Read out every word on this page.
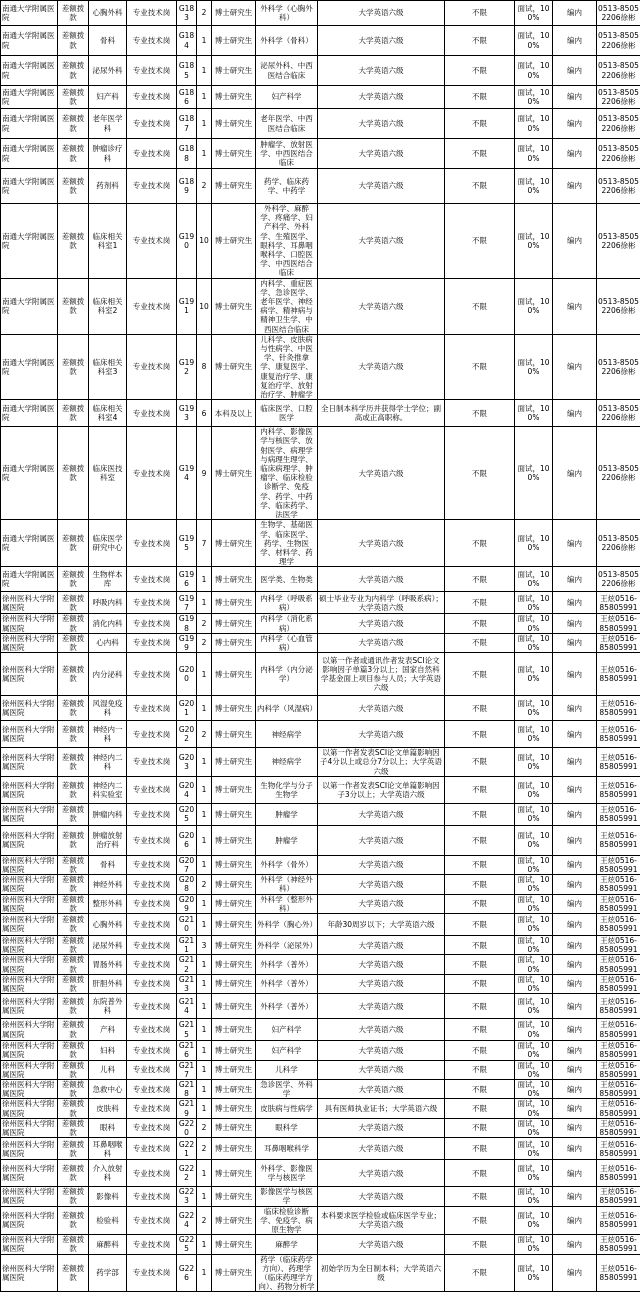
南通大学附属医院	差额拨款	心胸外科	专业技术岗	G183	2	博士研究生	外科学（心胸外科）	大学英语六级	不限	面试，100%	编内	0513-85052206徐彬
南通大学附属医院	差额拨款	骨科	专业技术岗	G184	1	博士研究生	外科学（骨科）	大学英语六级	不限	面试，100%	编内	0513-85052206徐彬
南通大学附属医院	差额拨款	泌尿外科	专业技术岗	G185	1	博士研究生	泌尿外科、中西医结合临床	大学英语六级	不限	面试，100%	编内	0513-85052206徐彬
南通大学附属医院	差额拨款	妇产科	专业技术岗	G186	1	博士研究生	妇产科学	大学英语六级	不限	面试，100%	编内	0513-85052206徐彬
南通大学附属医院	差额拨款	老年医学科	专业技术岗	G187	1	博士研究生	老年医学、中西医结合临床	大学英语六级	不限	面试，100%	编内	0513-85052206徐彬
南通大学附属医院	差额拨款	肿瘤诊疗科	专业技术岗	G188	1	博士研究生	肿瘤学、放射医学、中西医结合临床	大学英语六级	不限	面试，100%	编内	0513-85052206徐彬
南通大学附属医院	差额拨款	药剂科	专业技术岗	G189	2	博士研究生	药学、临床药学、中药学	大学英语六级	不限	面试，100%	编内	0513-85052206徐彬
南通大学附属医院	差额拨款	临床相关科室1	专业技术岗	G190	10	博士研究生	外科学、麻醉学、疼痛学、妇产科学、外科学、生殖医学、眼科学、耳鼻咽喉科学、口腔医学、中西医结合临床	大学英语六级	不限	面试，100%	编内	0513-85052206徐彬
南通大学附属医院	差额拨款	临床相关科室2	专业技术岗	G191	10	博士研究生	内科学、重症医学、急诊医学、老年医学、神经病学、精神病与精神卫生学、中西医结合临床	大学英语六级	不限	面试，100%	编内	0513-85052206徐彬
南通大学附属医院	差额拨款	临床相关科室3	专业技术岗	G192	8	博士研究生	儿科学、皮肤病与性病学、中医学、针灸推拿学、康复医学、康复治疗学、康复治疗学、放射治疗学、肿瘤学	大学英语六级	不限	面试，100%	编内	0513-85052206徐彬
南通大学附属医院	差额拨款	临床相关科室4	专业技术岗	G193	6	本科及以上	临床医学、口腔医学	全日制本科学历并获得学士学位；副高或正高职称。	不限	面试，100%	编内	0513-85052206徐彬
南通大学附属医院	差额拨款	临床医技科室	专业技术岗	G194	9	博士研究生	内科学、影像医学与核医学、放射医学、病理学与病理生理学、临床病理学、肿瘤学、临床检验诊断学、免疫学、药学、中药学、临床药学、法医学	大学英语六级	不限	面试，100%	编内	0513-85052206徐彬
南通大学附属医院	差额拨款	临床医学研究中心	专业技术岗	G195	7	博士研究生	生物学、基础医学、临床医学、药学、生物医学、材料学、药理学	大学英语六级	不限	面试，100%	编内	0513-85052206徐彬
南通大学附属医院	差额拨款	生物样本库	专业技术岗	G196	1	博士研究生	医学类、生物类	大学英语六级	不限	面试，100%	编内	0513-85052206徐彬
徐州医科大学附属医院	差额拨款	呼吸内科	专业技术岗	G197	1	博士研究生	内科学（呼吸系病）	硕士毕业专业为内科学（呼吸系病）；大学英语六级	不限	面试，100%	编内	王炫0516-85805991
徐州医科大学附属医院	差额拨款	消化内科	专业技术岗	G198	2	博士研究生	内科学（消化系病）	大学英语六级	不限	面试，100%	编内	王炫0516-85805991
徐州医科大学附属医院	差额拨款	心内科	专业技术岗	G199	2	博士研究生	内科学（心血管病）	大学英语六级	不限	面试，100%	编内	王炫0516-85805991
徐州医科大学附属医院	差额拨款	内分泌科	专业技术岗	G200	1	博士研究生	内科学（内分泌学）	以第一作者或通讯作者发表SCI论文影响因子单篇3分以上；国家自然科学基金面上项目参与人员；大学英语六级	不限	面试，100%	编内	王炫0516-85805991
徐州医科大学附属医院	差额拨款	风湿免疫科	专业技术岗	G201	1	博士研究生	内科学（风湿病）	大学英语六级	不限	面试，100%	编内	王炫0516-85805991
徐州医科大学附属医院	差额拨款	神经内一科	专业技术岗	G202	2	博士研究生	神经病学	大学英语六级	不限	面试，100%	编内	王炫0516-85805991
徐州医科大学附属医院	差额拨款	神经内二科	专业技术岗	G203	1	博士研究生	神经病学	以第一作者发表SCI论文单篇影响因子4分以上或总分7分以上；大学英语六级	不限	面试，100%	编内	王炫0516-85805991
徐州医科大学附属医院	差额拨款	神经内二科实验室	专业技术岗	G204	1	博士研究生	生物化学与分子生物学	以第一作者发表SCI论文单篇影响因子3分以上；大学英语六级	不限	面试，100%	编内	王炫0516-85805991
徐州医科大学附属医院	差额拨款	肿瘤内科	专业技术岗	G205	1	博士研究生	肿瘤学	大学英语六级	不限	面试，100%	编内	王炫0516-85805991
徐州医科大学附属医院	差额拨款	肿瘤放射治疗科	专业技术岗	G206	1	博士研究生	肿瘤学	大学英语六级	不限	面试，100%	编内	王炫0516-85805991
徐州医科大学附属医院	差额拨款	骨科	专业技术岗	G207	1	博士研究生	外科学（骨外）	大学英语六级	不限	面试，100%	编内	王炫0516-85805991
徐州医科大学附属医院	差额拨款	神经外科	专业技术岗	G208	2	博士研究生	外科学（神经外科）	大学英语六级	不限	面试，100%	编内	王炫0516-85805991
徐州医科大学附属医院	差额拨款	整形外科	专业技术岗	G209	1	博士研究生	外科学（整形外科）	大学英语六级	不限	面试，100%	编内	王炫0516-85805991
徐州医科大学附属医院	差额拨款	心胸外科	专业技术岗	G210	1	博士研究生	外科学（胸心外）	年龄30周岁以下；大学英语六级	不限	面试，100%	编内	王炫0516-85805991
徐州医科大学附属医院	差额拨款	泌尿外科	专业技术岗	G211	3	博士研究生	外科学（泌尿外）	大学英语六级	不限	面试，100%	编内	王炫0516-85805991
徐州医科大学附属医院	差额拨款	胃肠外科	专业技术岗	G212	1	博士研究生	外科学（普外）	大学英语六级	不限	面试，100%	编内	王炫0516-85805991
徐州医科大学附属医院	差额拨款	肝胆外科	专业技术岗	G213	1	博士研究生	外科学（普外）	大学英语六级	不限	面试，100%	编内	王炫0516-85805991
徐州医科大学附属医院	差额拨款	东院普外科	专业技术岗	G214	1	博士研究生	外科学（普外）	大学英语六级	不限	面试，100%	编内	王炫0516-85805991
徐州医科大学附属医院	差额拨款	产科	专业技术岗	G215	1	博士研究生	妇产科学	大学英语六级	不限	面试，100%	编内	王炫0516-85805991
徐州医科大学附属医院	差额拨款	妇科	专业技术岗	G216	1	博士研究生	妇产科学	大学英语六级	不限	面试，100%	编内	王炫0516-85805991
徐州医科大学附属医院	差额拨款	儿科	专业技术岗	G217	1	博士研究生	儿科学	大学英语六级	不限	面试，100%	编内	王炫0516-85805991
徐州医科大学附属医院	差额拨款	急救中心	专业技术岗	G218	1	博士研究生	急诊医学、外科学	大学英语六级	不限	面试，100%	编内	王炫0516-85805991
徐州医科大学附属医院	差额拨款	皮肤科	专业技术岗	G219	1	博士研究生	皮肤病与性病学	具有医师执业证书；大学英语六级	不限	面试，100%	编内	王炫0516-85805991
徐州医科大学附属医院	差额拨款	眼科	专业技术岗	G220	2	博士研究生	眼科学	大学英语六级	不限	面试，100%	编内	王炫0516-85805991
徐州医科大学附属医院	差额拨款	耳鼻咽喉科	专业技术岗	G221	2	博士研究生	耳鼻咽喉科学	大学英语六级	不限	面试，100%	编内	王炫0516-85805991
徐州医科大学附属医院	差额拨款	介入放射科	专业技术岗	G222	1	博士研究生	外科学、影像医学与核医学	大学英语六级	不限	面试，100%	编内	王炫0516-85805991
徐州医科大学附属医院	差额拨款	影像科	专业技术岗	G223	1	博士研究生	影像医学与核医学	大学英语六级	不限	面试，100%	编内	王炫0516-85805991
徐州医科大学附属医院	差额拨款	检验科	专业技术岗	G224	2	博士研究生	临床检验诊断学、免疫学、病原生物学	本科要求医学检验或临床医学专业；大学英语六级	不限	面试，100%	编内	王炫0516-85805991
徐州医科大学附属医院	差额拨款	麻醉科	专业技术岗	G225	1	博士研究生	麻醉学	大学英语六级	不限	面试，100%	编内	王炫0516-85805991
徐州医科大学附属医院	差额拨款	药学部	专业技术岗	G226	1	博士研究生	药学（临床药学方向）、药理学（临床药理学方向）、药物分析学	初始学历为全日制本科；大学英语六级	不限	面试，100%	编内	王炫0516-85805991
